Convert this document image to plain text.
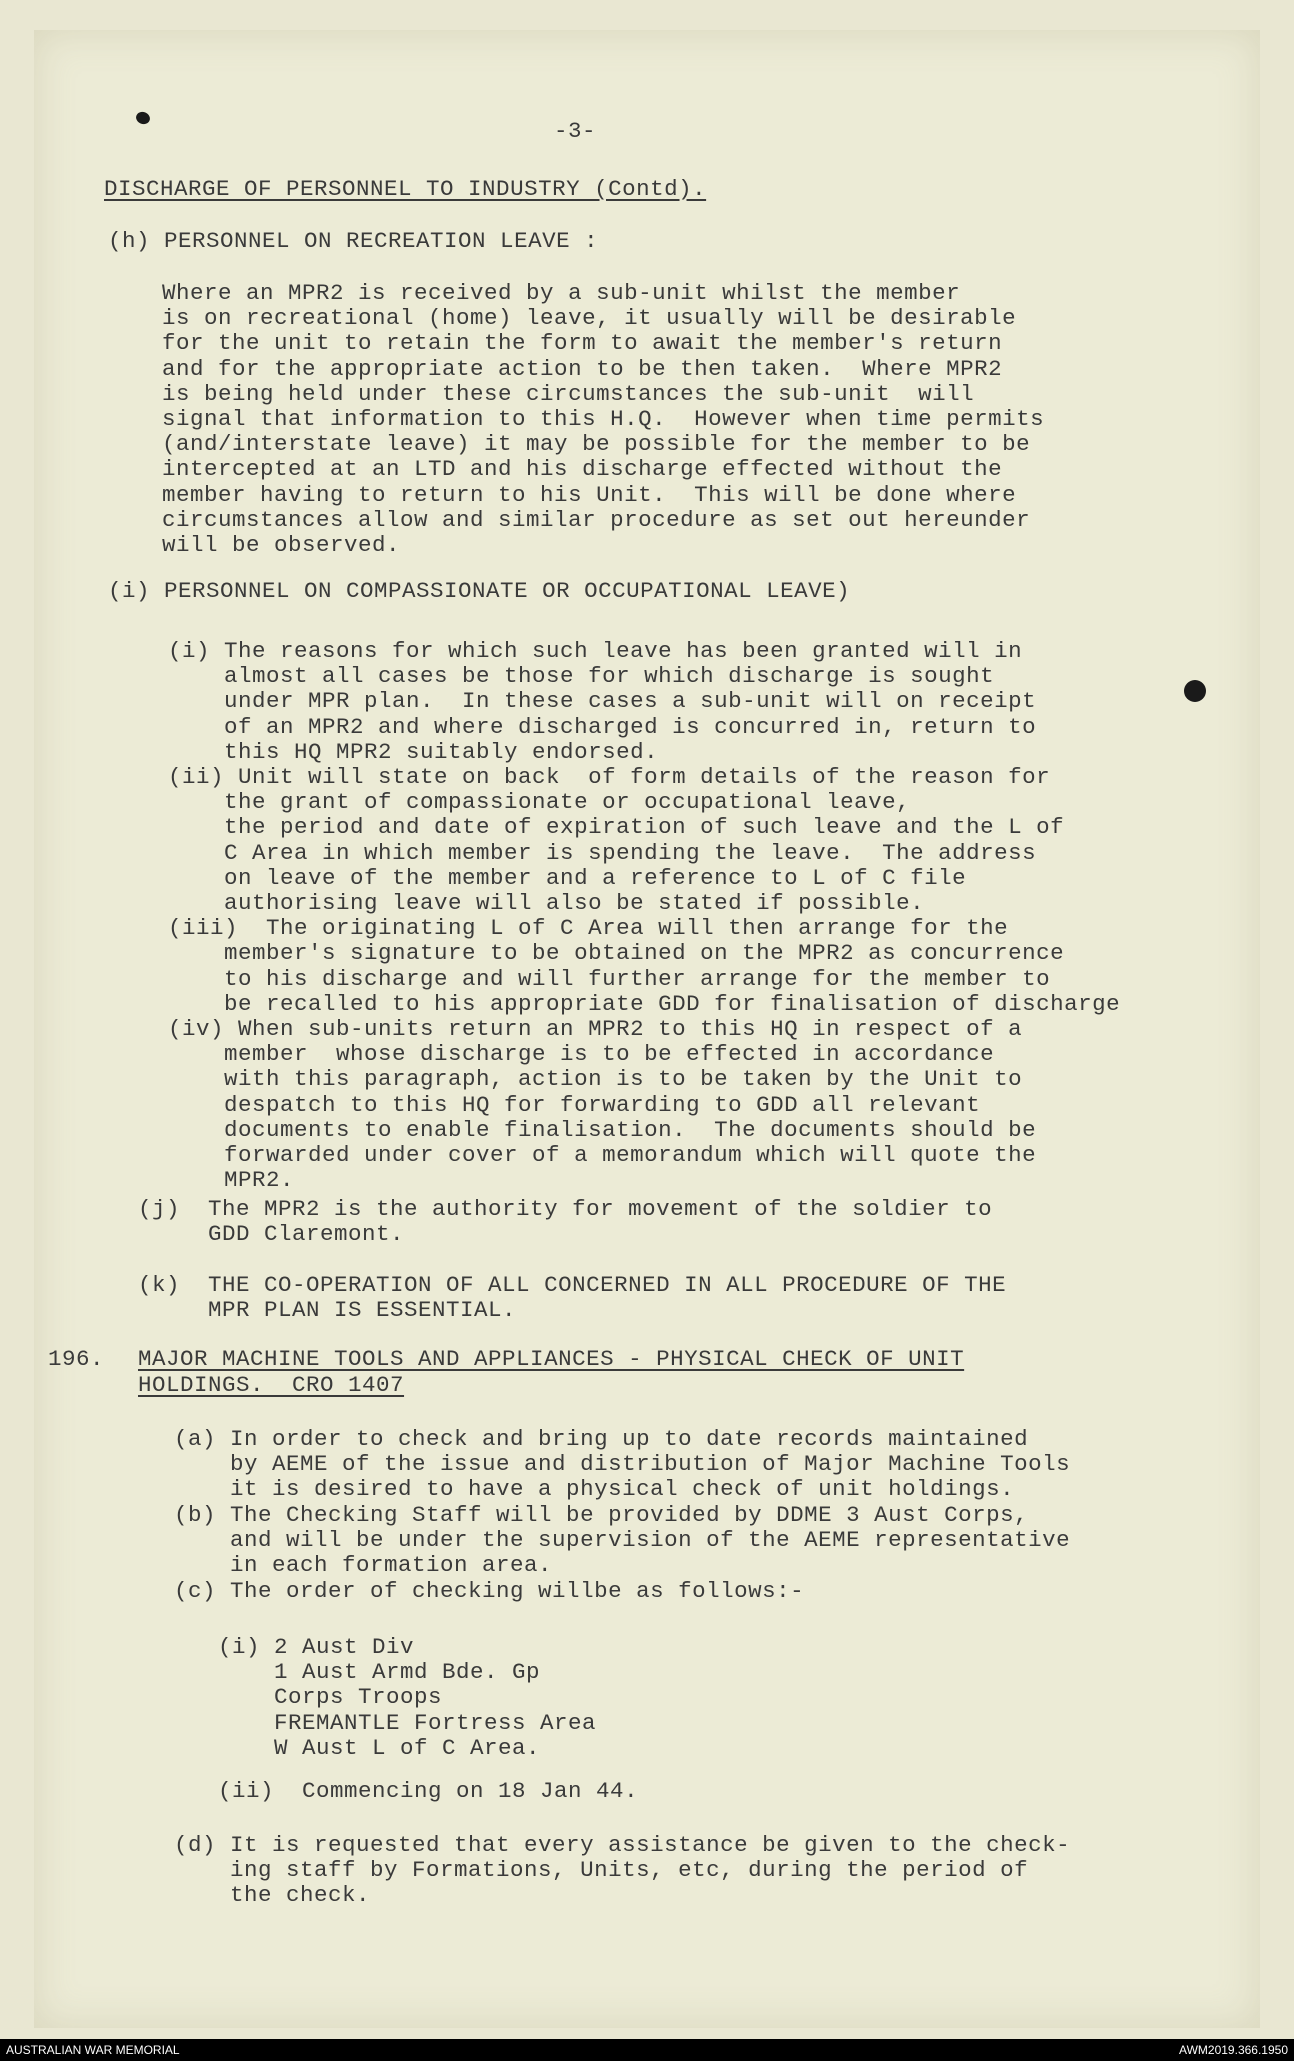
-3-
DISCHARGE OF PERSONNEL TO INDUSTRY (Contd).
(h) PERSONNEL ON RECREATION LEAVE :
(i) PERSONNEL ON COMPASSIONATE OR OCCUPATIONAL LEAVE)
196. MAJOR MACHINE TOOLS AND APPLIANCES - PHYSICAL CHECK OF UNIT
HOLDINGS.  CRO 1407
Where an MPR2 is received by a sub-unit whilst the member
is on recreational (home) leave, it usually will be desirable
for the unit to retain the form to await the member's return
and for the appropriate action to be then taken.  Where MPR2
is being held under these circumstances the sub-unit  will
signal that information to this H.Q.  However when time permits
(and/interstate leave) it may be possible for the member to be
intercepted at an LTD and his discharge effected without the
member having to return to his Unit.  This will be done where
circumstances allow and similar procedure as set out hereunder
will be observed.
(i) The reasons for which such leave has been granted will in
almost all cases be those for which discharge is sought
under MPR plan.  In these cases a sub-unit will on receipt
of an MPR2 and where discharged is concurred in, return to
this HQ MPR2 suitably endorsed.
(ii) Unit will state on back  of form details of the reason for
the grant of compassionate or occupational leave,
the period and date of expiration of such leave and the L of
C Area in which member is spending the leave.  The address
on leave of the member and a reference to L of C file
authorising leave will also be stated if possible.
(iii)  The originating L of C Area will then arrange for the
member's signature to be obtained on the MPR2 as concurrence
to his discharge and will further arrange for the member to
be recalled to his appropriate GDD for finalisation of discharge
(iv) When sub-units return an MPR2 to this HQ in respect of a
member  whose discharge is to be effected in accordance
with this paragraph, action is to be taken by the Unit to
despatch to this HQ for forwarding to GDD all relevant
documents to enable finalisation.  The documents should be
forwarded under cover of a memorandum which will quote the
MPR2.
(j)  The MPR2 is the authority for movement of the soldier to
GDD Claremont.
(k)  THE CO-OPERATION OF ALL CONCERNED IN ALL PROCEDURE OF THE
MPR PLAN IS ESSENTIAL.
(a) In order to check and bring up to date records maintained
by AEME of the issue and distribution of Major Machine Tools
it is desired to have a physical check of unit holdings.
(b) The Checking Staff will be provided by DDME 3 Aust Corps,
and will be under the supervision of the AEME representative
in each formation area.
(c) The order of checking willbe as follows:-
(i) 2 Aust Div
1 Aust Armd Bde. Gp
Corps Troops
FREMANTLE Fortress Area
W Aust L of C Area.
(ii)  Commencing on 18 Jan 44.
(d) It is requested that every assistance be given to the check-
ing staff by Formations, Units, etc, during the period of
the check.
AUSTRALIAN WAR MEMORIAL	AWM2019.366.1950
